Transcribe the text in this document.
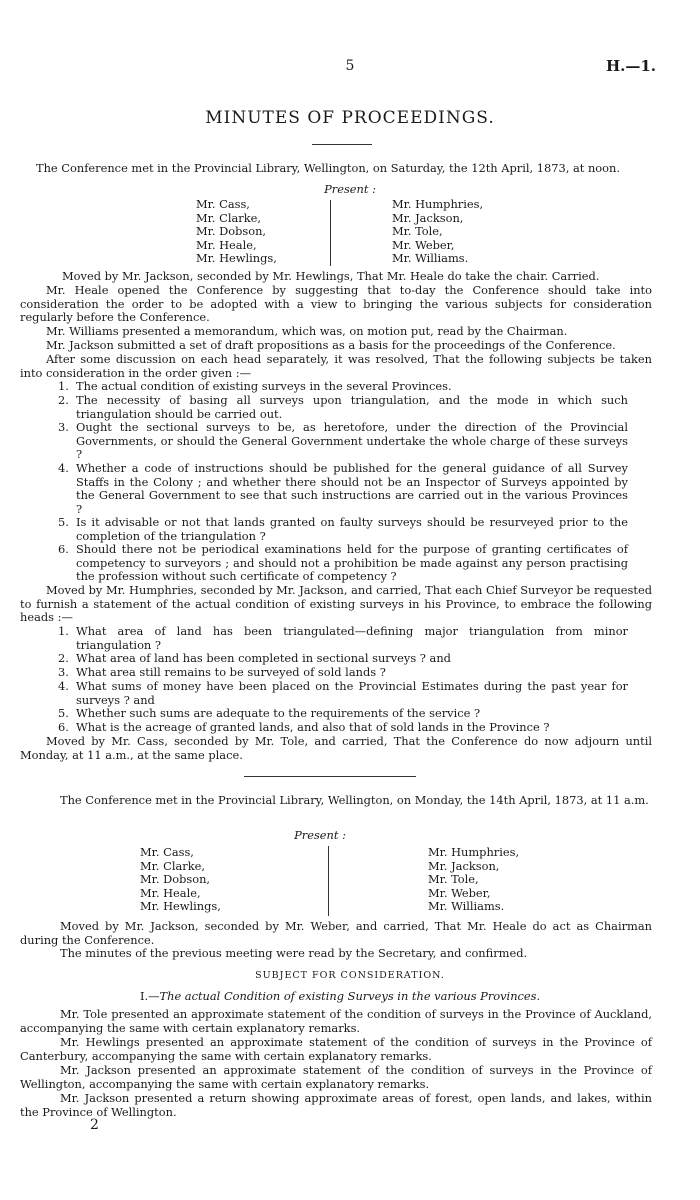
5	H.—1.
MINUTES OF PROCEEDINGS.

The Conference met in the Provincial Library, Wellington, on Saturday, the 12th April, 1873, at noon.

Present :

Mr. Cass,
Mr. Clarke,
Mr. Dobson,
Mr. Heale,
Mr. Hewlings,
Mr. Humphries,
Mr. Jackson,
Mr. Tole,
Mr. Weber,
Mr. Williams.

Moved by Mr. Jackson, seconded by Mr. Hewlings, That Mr. Heale do take the chair. Carried.

Mr. Heale opened the Conference by suggesting that to-day the Conference should take into consideration the order to be adopted with a view to bringing the various subjects for consideration regularly before the Conference.

Mr. Williams presented a memorandum, which was, on motion put, read by the Chairman.

Mr. Jackson submitted a set of draft propositions as a basis for the proceedings of the Conference.

After some discussion on each head separately, it was resolved, That the following subjects be taken into consideration in the order given :—

1. The actual condition of existing surveys in the several Provinces.
2. The necessity of basing all surveys upon triangulation, and the mode in which such triangulation should be carried out.
3. Ought the sectional surveys to be, as heretofore, under the direction of the Provincial Governments, or should the General Government undertake the whole charge of these surveys ?
4. Whether a code of instructions should be published for the general guidance of all Survey Staffs in the Colony ; and whether there should not be an Inspector of Surveys appointed by the General Government to see that such instructions are carried out in the various Provinces ?
5. Is it advisable or not that lands granted on faulty surveys should be resurveyed prior to the completion of the triangulation ?
6. Should there not be periodical examinations held for the purpose of granting certificates of competency to surveyors ; and should not a prohibition be made against any person practising the profession without such certificate of competency ?

Moved by Mr. Humphries, seconded by Mr. Jackson, and carried, That each Chief Surveyor be requested to furnish a statement of the actual condition of existing surveys in his Province, to embrace the following heads :—

1. What area of land has been triangulated—defining major triangulation from minor triangulation ?
2. What area of land has been completed in sectional surveys ? and
3. What area still remains to be surveyed of sold lands ?
4. What sums of money have been placed on the Provincial Estimates during the past year for surveys ? and
5. Whether such sums are adequate to the requirements of the service ?
6. What is the acreage of granted lands, and also that of sold lands in the Province ?

Moved by Mr. Cass, seconded by Mr. Tole, and carried, That the Conference do now adjourn until Monday, at 11 a.m., at the same place.

The Conference met in the Provincial Library, Wellington, on Monday, the 14th April, 1873, at 11 a.m.

Present :

Mr. Cass,
Mr. Clarke,
Mr. Dobson,
Mr. Heale,
Mr. Hewlings,
Mr. Humphries,
Mr. Jackson,
Mr. Tole,
Mr. Weber,
Mr. Williams.

Moved by Mr. Jackson, seconded by Mr. Weber, and carried, That Mr. Heale do act as Chairman during the Conference.

The minutes of the previous meeting were read by the Secretary, and confirmed.

SUBJECT FOR CONSIDERATION.
I.—The actual Condition of existing Surveys in the various Provinces.

Mr. Tole presented an approximate statement of the condition of surveys in the Province of Auckland, accompanying the same with certain explanatory remarks.

Mr. Hewlings presented an approximate statement of the condition of surveys in the Province of Canterbury, accompanying the same with certain explanatory remarks.

Mr. Jackson presented an approximate statement of the condition of surveys in the Province of Wellington, accompanying the same with certain explanatory remarks.

Mr. Jackson presented a return showing approximate areas of forest, open lands, and lakes, within the Province of Wellington.

2
